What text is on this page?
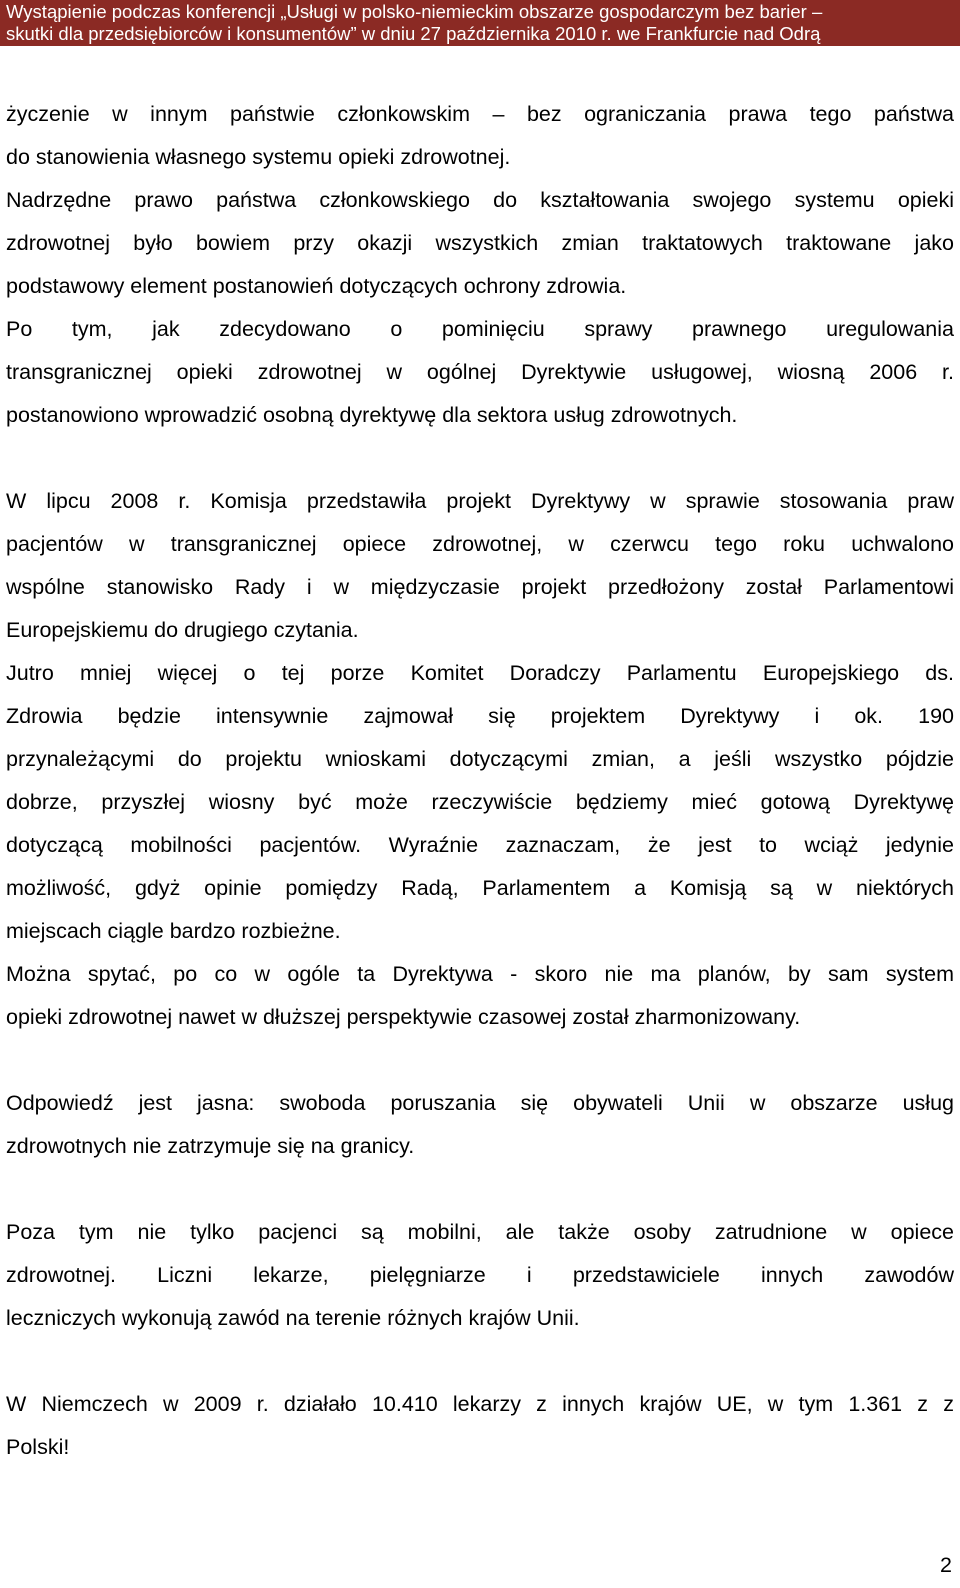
Wystąpienie podczas konferencji „Usługi w polsko-niemieckim obszarze gospodarczym bez barier –
skutki dla przedsiębiorców i konsumentów” w dniu 27 października 2010 r. we Frankfurcie nad Odrą
życzenie w innym państwie członkowskim – bez ograniczania prawa tego państwa
do stanowienia własnego systemu opieki zdrowotnej.
Nadrzędne prawo państwa członkowskiego do kształtowania swojego systemu opieki
zdrowotnej było bowiem przy okazji wszystkich zmian traktatowych traktowane jako
podstawowy element postanowień dotyczących ochrony zdrowia.
Po tym, jak zdecydowano o pominięciu sprawy prawnego uregulowania
transgranicznej opieki zdrowotnej w ogólnej Dyrektywie usługowej, wiosną 2006 r.
postanowiono wprowadzić osobną dyrektywę dla sektora usług zdrowotnych.
W lipcu 2008 r. Komisja przedstawiła projekt Dyrektywy w sprawie stosowania praw
pacjentów w transgranicznej opiece zdrowotnej, w czerwcu tego roku uchwalono
wspólne stanowisko Rady i w międzyczasie projekt przedłożony został Parlamentowi
Europejskiemu do drugiego czytania.
Jutro mniej więcej o tej porze Komitet Doradczy Parlamentu Europejskiego ds.
Zdrowia będzie intensywnie zajmował się projektem Dyrektywy i ok. 190
przynależącymi do projektu wnioskami dotyczącymi zmian, a jeśli wszystko pójdzie
dobrze, przyszłej wiosny być może rzeczywiście będziemy mieć gotową Dyrektywę
dotyczącą mobilności pacjentów. Wyraźnie zaznaczam, że jest to wciąż jedynie
możliwość, gdyż opinie pomiędzy Radą, Parlamentem a Komisją są w niektórych
miejscach ciągle bardzo rozbieżne.
Można spytać, po co w ogóle ta Dyrektywa - skoro nie ma planów, by sam system
opieki zdrowotnej nawet w dłuższej perspektywie czasowej został zharmonizowany.
Odpowiedź jest jasna: swoboda poruszania się obywateli Unii w obszarze usług
zdrowotnych nie zatrzymuje się na granicy.
Poza tym nie tylko pacjenci są mobilni, ale także osoby zatrudnione w opiece
zdrowotnej. Liczni lekarze, pielęgniarze i przedstawiciele innych zawodów
leczniczych wykonują zawód na terenie różnych krajów Unii.
W Niemczech w 2009 r. działało 10.410 lekarzy z innych krajów UE, w tym 1.361 z z
Polski!
2
